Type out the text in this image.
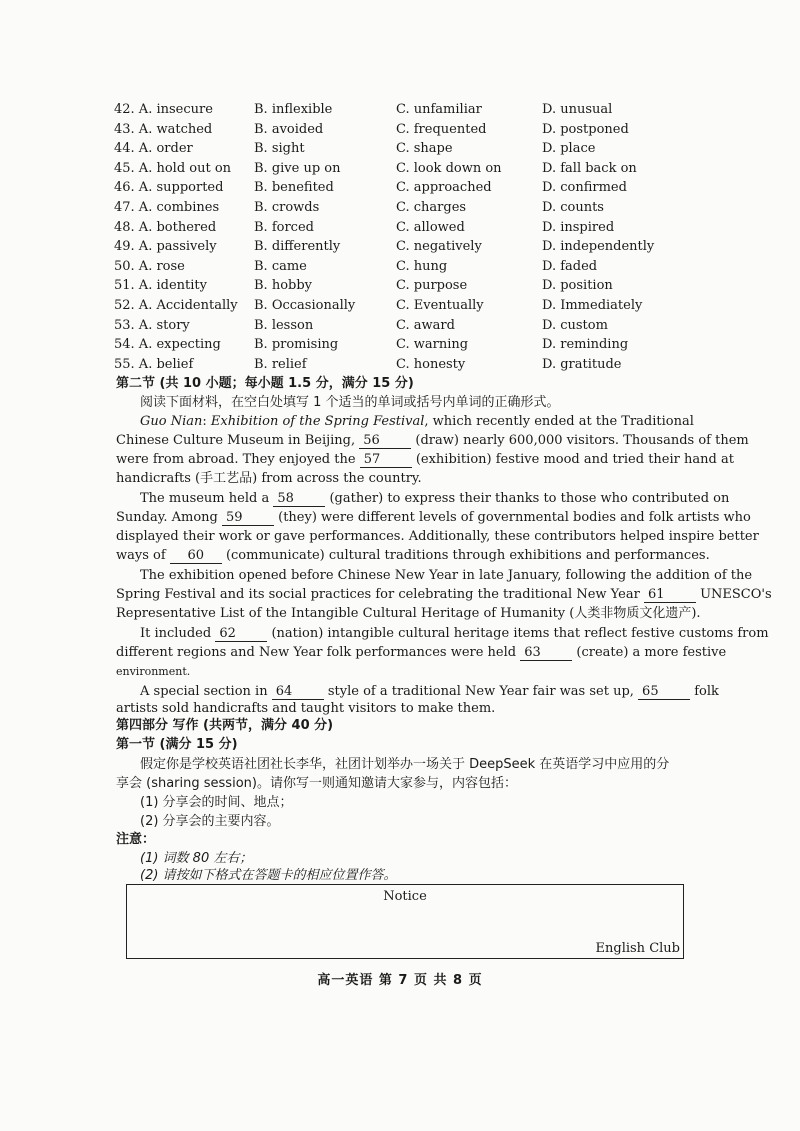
42. A. insecure	B. inflexible	C. unfamiliar	D. unusual
43. A. watched	B. avoided	C. frequented	D. postponed
44. A. order	B. sight	C. shape	D. place
45. A. hold out on B. give up on	C. look down on	D. fall back on
46. A. supported B. benefited	C. approached	D. confirmed
47. A. combines	B. crowds	C. charges	D. counts
48. A. bothered	B. forced	C. allowed	D. inspired
49. A. passively	B. differently	C. negatively	D. independently
50. A. rose	B. came	C. hung	D. faded
51. A. identity	B. hobby	C. purpose	D. position
52. A. Accidentally B. Occasionally	C. Eventually	D. Immediately
53. A. story	B. lesson	C. award	D. custom
54. A. expecting	B. promising	C. warning	D. reminding
55. A. belief	B. relief	C. honesty	D. gratitude
第二节 (共 10 小题；每小题 1.5 分，满分 15 分)
阅读下面材料，在空白处填写 1 个适当的单词或括号内单词的正确形式。
Guo Nian: Exhibition of the Spring Festival, which recently ended at the Traditional
Chinese Culture Museum in Beijing, 56	(draw) nearly 600,000 visitors. Thousands of them
were from abroad. They enjoyed the 57	(exhibition) festive mood and tried their hand at
handicrafts (手工艺品) from across the country.
The museum held a 58	(gather) to express their thanks to those who contributed on
Sunday. Among 59	(they) were different levels of governmental bodies and folk artists who
displayed their work or gave performances. Additionally, these contributors helped inspire better
ways of 60 (communicate) cultural traditions through exhibitions and performances.
The exhibition opened before Chinese New Year in late January, following the addition of the
Spring Festival and its social practices for celebrating the traditional New Year 61	UNESCO's
Representative List of the Intangible Cultural Heritage of Humanity (人类非物质文化遗产).
It included 62	(nation) intangible cultural heritage items that reflect festive customs from
different regions and New Year folk performances were held 63	(create) a more festive
environment.
A special section in 64	style of a traditional New Year fair was set up, 65	folk
artists sold handicrafts and taught visitors to make them.
第四部分 写作 (共两节，满分 40 分)
第一节 (满分 15 分)
假定你是学校英语社团社长李华，社团计划举办一场关于 DeepSeek 在英语学习中应用的分
享会 (sharing session)。请你写一则通知邀请大家参与，内容包括：
(1) 分享会的时间、地点；
(2) 分享会的主要内容。
注意：
(1) 词数 80 左右；
(2) 请按如下格式在答题卡的相应位置作答。
Notice
English Club
高一英语 第 7 页 共 8 页
